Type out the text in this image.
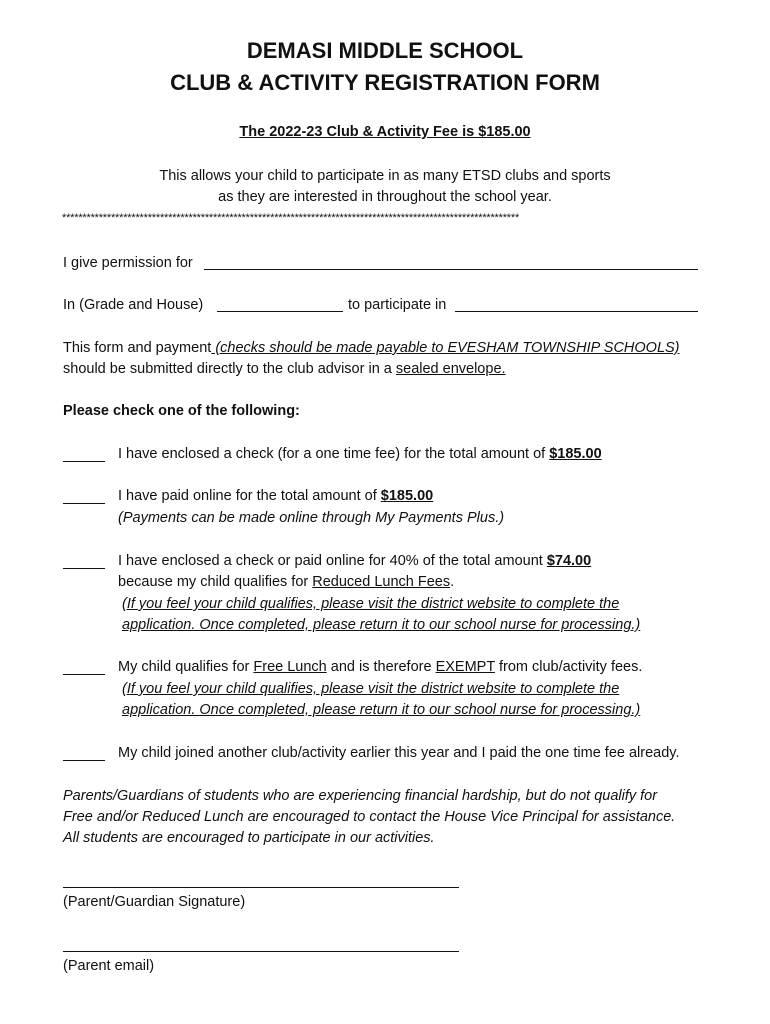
DEMASI MIDDLE SCHOOL
CLUB & ACTIVITY REGISTRATION FORM
The 2022-23 Club & Activity Fee is $185.00
This allows your child to participate in as many ETSD clubs and sports
as they are interested in throughout the school year.
****************************************************************************************************************
I give permission for
In (Grade and House)	to participate in
This form and payment (checks should be made payable to EVESHAM TOWNSHIP SCHOOLS)
should be submitted directly to the club advisor in a sealed envelope.
Please check one of the following:
I have enclosed a check (for a one time fee) for the total amount of $185.00
I have paid online for the total amount of $185.00
(Payments can be made online through My Payments Plus.)
I have enclosed a check or paid online for 40% of the total amount $74.00
because my child qualifies for Reduced Lunch Fees.
(If you feel your child qualifies, please visit the district website to complete the
application. Once completed, please return it to our school nurse for processing.)
My child qualifies for Free Lunch and is therefore EXEMPT from club/activity fees.
(If you feel your child qualifies, please visit the district website to complete the
application. Once completed, please return it to our school nurse for processing.)
My child joined another club/activity earlier this year and I paid the one time fee already.
Parents/Guardians of students who are experiencing financial hardship, but do not qualify for
Free and/or Reduced Lunch are encouraged to contact the House Vice Principal for assistance.
All students are encouraged to participate in our activities.
(Parent/Guardian Signature)
(Parent email)
